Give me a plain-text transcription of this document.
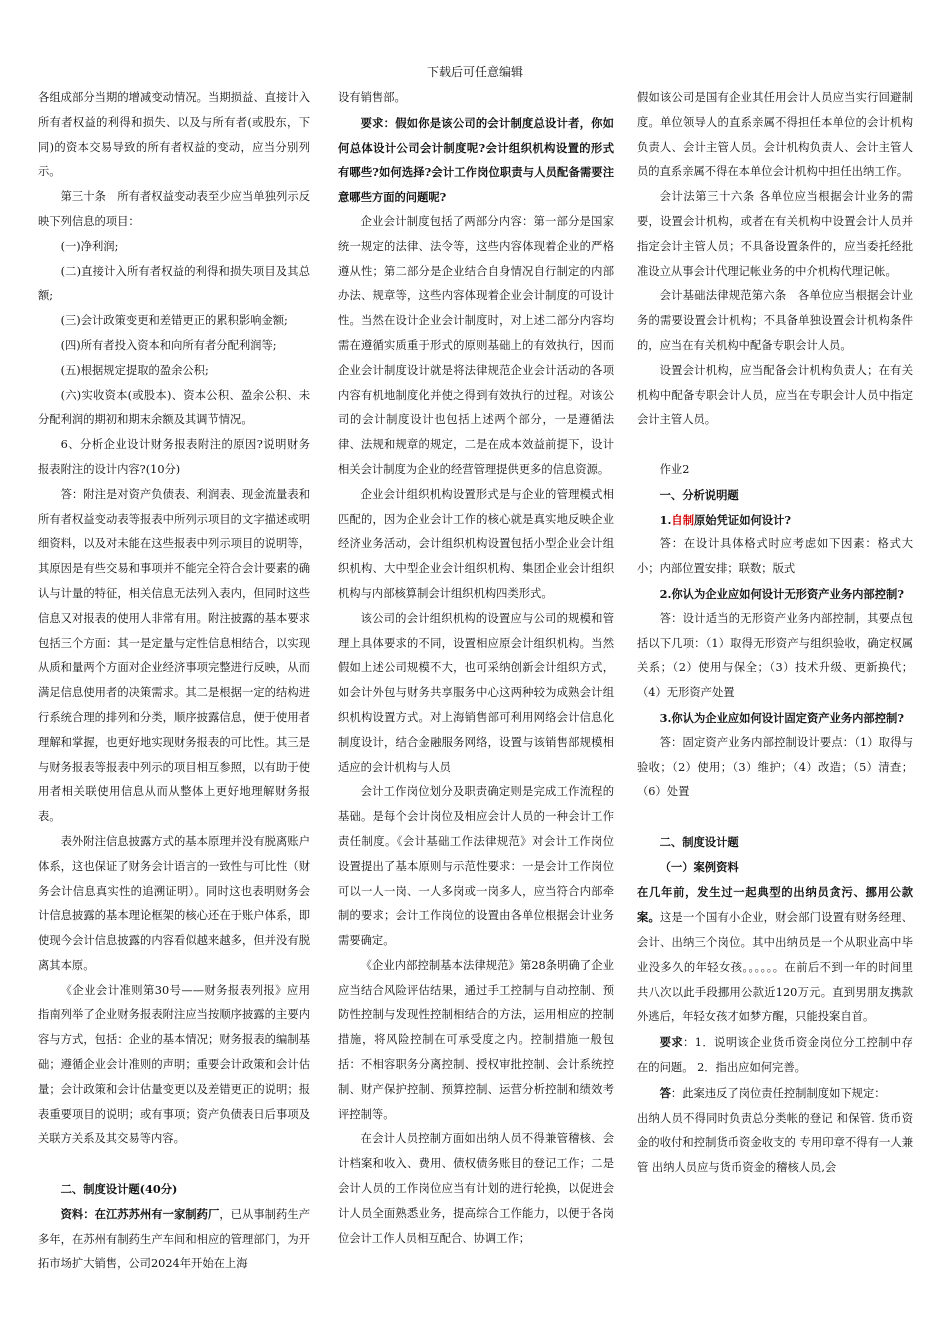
下载后可任意编辑

各组成部分当期的增减变动情况。当期损益、直接计入所有者权益的利得和损失、以及与所有者(或股东，下同)的资本交易导致的所有者权益的变动，应当分别列示。

第三十条　所有者权益变动表至少应当单独列示反映下列信息的项目：

(一)净利润;

(二)直接计入所有者权益的利得和损失项目及其总额;

(三)会计政策变更和差错更正的累积影响金额;

(四)所有者投入资本和向所有者分配利润等;

(五)根据规定提取的盈余公积;

(六)实收资本(或股本)、资本公积、盈余公积、未分配利润的期初和期末余额及其调节情况。

6、分析企业设计财务报表附注的原因?说明财务报表附注的设计内容?(10分)

答：附注是对资产负债表、利润表、现金流量表和所有者权益变动表等报表中所列示项目的文字描述或明细资料，以及对未能在这些报表中列示项目的说明等，其原因是有些交易和事项并不能完全符合会计要素的确认与计量的特征，相关信息无法列入表内，但同时这些信息又对报表的使用人非常有用。附注披露的基本要求包括三个方面：其一是定量与定性信息相结合，以实现从质和量两个方面对企业经济事项完整进行反映，从而满足信息使用者的决策需求。其二是根据一定的结构进行系统合理的排列和分类，顺序披露信息，便于使用者理解和掌握，也更好地实现财务报表的可比性。其三是与财务报表等报表中列示的项目相互参照，以有助于使用者相关联使用信息从而从整体上更好地理解财务报表。

表外附注信息披露方式的基本原理并没有脱离账户体系，这也保证了财务会计语言的一致性与可比性（财务会计信息真实性的追溯证明）。同时这也表明财务会计信息披露的基本理论框架的核心还在于账户体系，即使现今会计信息披露的内容看似越来越多，但并没有脱离其本原。

《企业会计准则第30号——财务报表列报》应用指南列举了企业财务报表附注应当按顺序披露的主要内容与方式，包括：企业的基本情况；财务报表的编制基础；遵循企业会计准则的声明；重要会计政策和会计估量；会计政策和会计估量变更以及差错更正的说明；报表重要项目的说明；或有事项；资产负债表日后事项及关联方关系及其交易等内容。

二、制度设计题(40分)

资料：在江苏苏州有一家制药厂，已从事制药生产多年，在苏州有制药生产车间和相应的管理部门，为开拓市场扩大销售，公司2024年开始在上海

设有销售部。

要求：假如你是该公司的会计制度总设计者，你如何总体设计公司会计制度呢?会计组织机构设置的形式有哪些?如何选择?会计工作岗位职责与人员配备需要注意哪些方面的问题呢?

企业会计制度包括了两部分内容：第一部分是国家统一规定的法律、法令等，这些内容体现着企业的严格遵从性；第二部分是企业结合自身情况自行制定的内部办法、规章等，这些内容体现着企业会计制度的可设计性。当然在设计企业会计制度时，对上述二部分内容均需在遵循实质重于形式的原则基础上的有效执行，因而企业会计制度设计就是将法律规范企业会计活动的各项内容有机地制度化并使之得到有效执行的过程。对该公司的会计制度设计也包括上述两个部分，一是遵循法律、法规和规章的规定，二是在成本效益前提下，设计相关会计制度为企业的经营管理提供更多的信息资源。

企业会计组织机构设置形式是与企业的管理模式相匹配的，因为企业会计工作的核心就是真实地反映企业经济业务活动，会计组织机构设置包括小型企业会计组织机构、大中型企业会计组织机构、集团企业会计组织机构与内部核算制会计组织机构四类形式。

该公司的会计组织机构的设置应与公司的规模和管理上具体要求的不同，设置相应原会计组织机构。当然假如上述公司规模不大，也可采纳创新会计组织方式，如会计外包与财务共享服务中心这两种较为成熟会计组织机构设置方式。对上海销售部可利用网络会计信息化制度设计，结合金融服务网络，设置与该销售部规模相适应的会计机构与人员

会计工作岗位划分及职责确定则是完成工作流程的基础。是每个会计岗位及相应会计人员的一种会计工作责任制度。《会计基础工作法律规范》对会计工作岗位设置提出了基本原则与示范性要求：一是会计工作岗位可以一人一岗、一人多岗或一岗多人，应当符合内部牵制的要求；会计工作岗位的设置由各单位根据会计业务需要确定。

《企业内部控制基本法律规范》第28条明确了企业应当结合风险评估结果，通过手工控制与自动控制、预防性控制与发现性控制相结合的方法，运用相应的控制措施，将风险控制在可承受度之内。控制措施一般包括：不相容职务分离控制、授权审批控制、会计系统控制、财产保护控制、预算控制、运营分析控制和绩效考评控制等。

在会计人员控制方面如出纳人员不得兼管稽核、会计档案和收入、费用、债权债务账目的登记工作；二是会计人员的工作岗位应当有计划的进行轮换，以促进会计人员全面熟悉业务，提高综合工作能力，以便于各岗位会计工作人员相互配合、协调工作；

假如该公司是国有企业其任用会计人员应当实行回避制度。单位领导人的直系亲属不得担任本单位的会计机构负责人、会计主管人员。会计机构负责人、会计主管人员的直系亲属不得在本单位会计机构中担任出纳工作。

会计法第三十六条 各单位应当根据会计业务的需要，设置会计机构，或者在有关机构中设置会计人员并指定会计主管人员；不具备设置条件的，应当委托经批准设立从事会计代理记帐业务的中介机构代理记帐。

会计基础法律规范第六条　各单位应当根据会计业务的需要设置会计机构；不具备单独设置会计机构条件的，应当在有关机构中配备专职会计人员。

设置会计机构，应当配备会计机构负责人；在有关机构中配备专职会计人员，应当在专职会计人员中指定会计主管人员。

作业2

一、分析说明题

1.自制原始凭证如何设计?

答：在设计具体格式时应考虑如下因素：格式大小；内部位置安排；联数；版式

2.你认为企业应如何设计无形资产业务内部控制?

答：设计适当的无形资产业务内部控制，其要点包括以下几项：（1）取得无形资产与组织验收，确定权属关系；（2）使用与保全；（3）技术升级、更新换代；（4）无形资产处置

3.你认为企业应如何设计固定资产业务内部控制?

答：固定资产业务内部控制设计要点：（1）取得与验收；（2）使用；（3）维护；（4）改造；（5）清查；（6）处置

二、制度设计题

（一）案例资料

在几年前，发生过一起典型的出纳员贪污、挪用公款案。这是一个国有小企业，财会部门设置有财务经理、会计、出纳三个岗位。其中出纳员是一个从职业高中毕业没多久的年轻女孩。。。。。。在前后不到一年的时间里共八次以此手段挪用公款近120万元。直到男朋友携款外逃后，年轻女孩才如梦方醒，只能投案自首。

要求：1．说明该企业货币资金岗位分工控制中存在的问题。 2．指出应如何完善。

答：此案违反了岗位责任控制制度如下规定：

出纳人员不得同时负责总分类帐的登记 和保管. 货币资金的收付和控制货币资金收支的 专用印章不得有一人兼管 出纳人员应与货币资金的稽核人员,会
